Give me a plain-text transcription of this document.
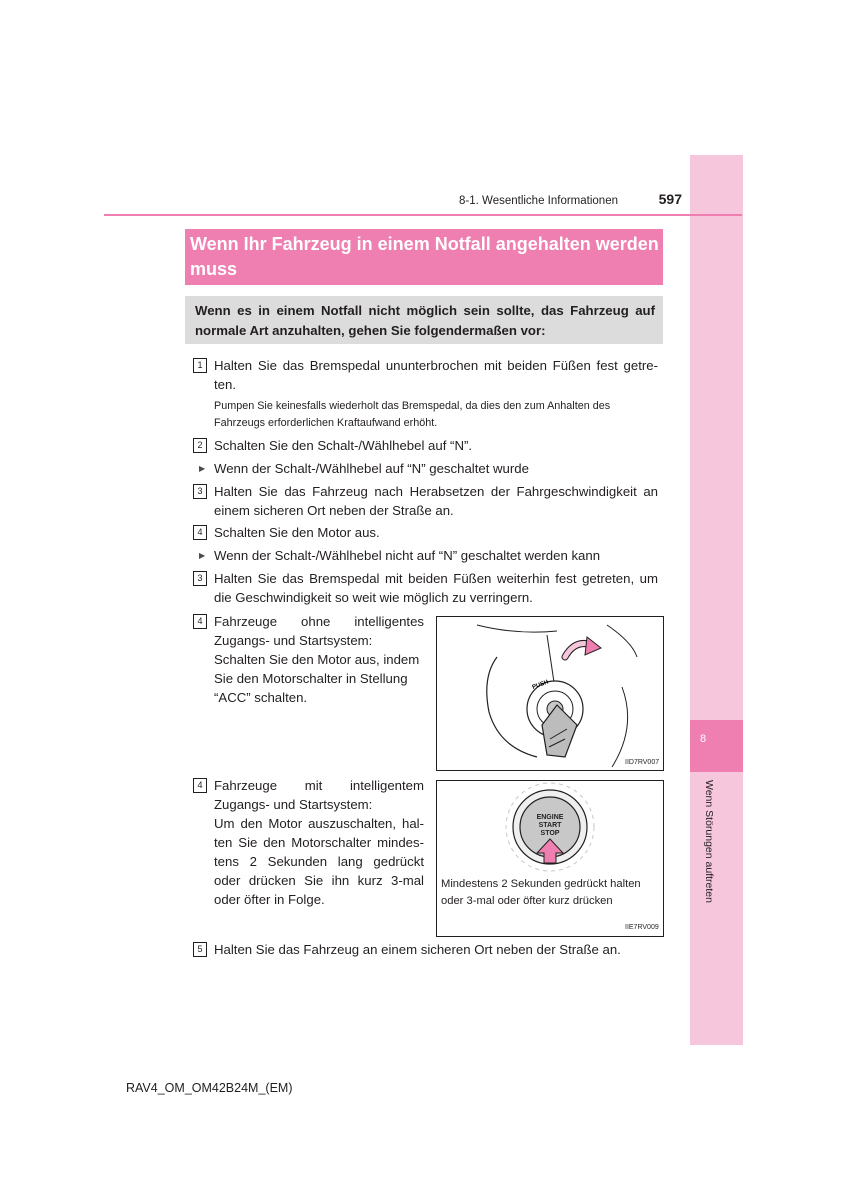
8
Wenn Störungen auftreten
8-1. Wesentliche Informationen	597
Wenn Ihr Fahrzeug in einem Notfall angehalten werden muss
Wenn es in einem Notfall nicht möglich sein sollte, das Fahrzeug auf normale Art anzuhalten, gehen Sie folgendermaßen vor:
1 Halten Sie das Bremspedal ununterbrochen mit beiden Füßen fest getre-
ten.
Pumpen Sie keinesfalls wiederholt das Bremspedal, da dies den zum Anhalten des
Fahrzeugs erforderlichen Kraftaufwand erhöht.
2 Schalten Sie den Schalt-/Wählhebel auf “N”.
▶ Wenn der Schalt-/Wählhebel auf “N” geschaltet wurde
3 Halten Sie das Fahrzeug nach Herabsetzen der Fahrgeschwindigkeit an
einem sicheren Ort neben der Straße an.
4 Schalten Sie den Motor aus.
▶ Wenn der Schalt-/Wählhebel nicht auf “N” geschaltet werden kann
3 Halten Sie das Bremspedal mit beiden Füßen weiterhin fest getreten, um
die Geschwindigkeit so weit wie möglich zu verringern.
4 Fahrzeuge ohne intelligentes
Zugangs- und Startsystem:
Schalten Sie den Motor aus, indem
Sie den Motorschalter in Stellung
“ACC” schalten.
PUSH
IID7RV007
4 Fahrzeuge mit intelligentem
Zugangs- und Startsystem:
Um den Motor auszuschalten, hal-
ten Sie den Motorschalter mindes-
tens 2 Sekunden lang gedrückt
oder drücken Sie ihn kurz 3-mal
oder öfter in Folge.
ENGINE
START
STOP
Mindestens 2 Sekunden gedrückt halten
oder 3-mal oder öfter kurz drücken
IIE7RV009
5 Halten Sie das Fahrzeug an einem sicheren Ort neben der Straße an.
RAV4_OM_OM42B24M_(EM)
